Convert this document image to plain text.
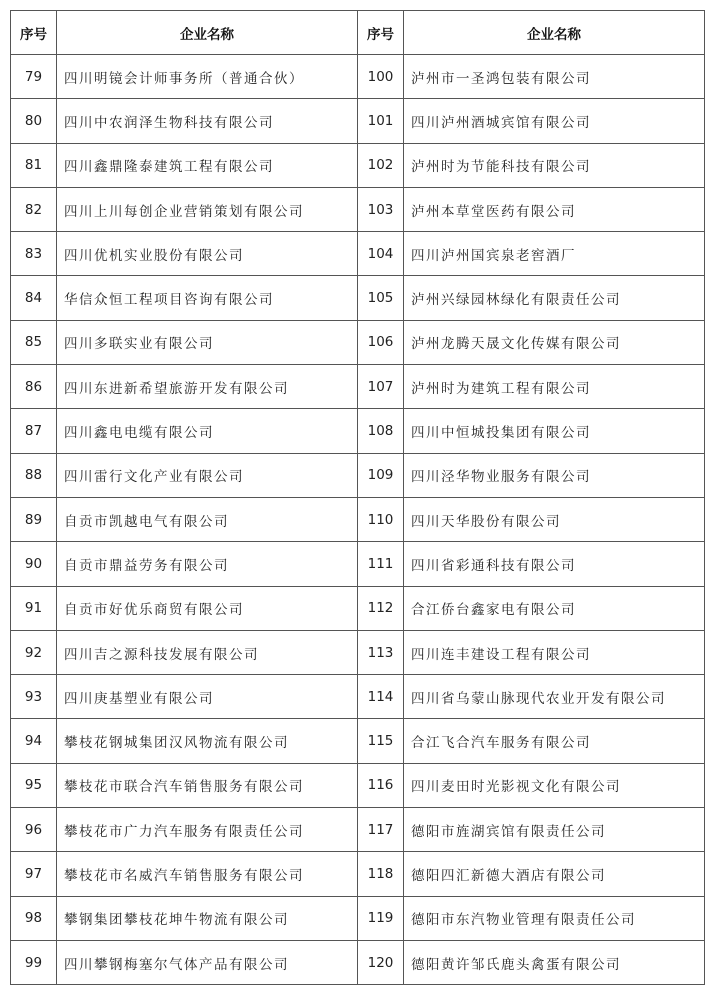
序号	企业名称	序号	企业名称
79	四川明镜会计师事务所（普通合伙）	100	泸州市一圣鸿包装有限公司
80	四川中农润泽生物科技有限公司	101	四川泸州酒城宾馆有限公司
81	四川鑫鼎隆泰建筑工程有限公司	102	泸州时为节能科技有限公司
82	四川上川每创企业营销策划有限公司	103	泸州本草堂医药有限公司
83	四川优机实业股份有限公司	104	四川泸州国宾泉老窖酒厂
84	华信众恒工程项目咨询有限公司	105	泸州兴绿园林绿化有限责任公司
85	四川多联实业有限公司	106	泸州龙腾天晟文化传媒有限公司
86	四川东进新希望旅游开发有限公司	107	泸州时为建筑工程有限公司
87	四川鑫电电缆有限公司	108	四川中恒城投集团有限公司
88	四川雷行文化产业有限公司	109	四川泾华物业服务有限公司
89	自贡市凯越电气有限公司	110	四川天华股份有限公司
90	自贡市鼎益劳务有限公司	111	四川省彩通科技有限公司
91	自贡市好优乐商贸有限公司	112	合江侨台鑫家电有限公司
92	四川吉之源科技发展有限公司	113	四川连丰建设工程有限公司
93	四川庚基塑业有限公司	114	四川省乌蒙山脉现代农业开发有限公司
94	攀枝花钢城集团汉风物流有限公司	115	合江飞合汽车服务有限公司
95	攀枝花市联合汽车销售服务有限公司	116	四川麦田时光影视文化有限公司
96	攀枝花市广力汽车服务有限责任公司	117	德阳市旌湖宾馆有限责任公司
97	攀枝花市名威汽车销售服务有限公司	118	德阳四汇新德大酒店有限公司
98	攀钢集团攀枝花坤牛物流有限公司	119	德阳市东汽物业管理有限责任公司
99	四川攀钢梅塞尔气体产品有限公司	120	德阳黄许邹氏鹿头禽蛋有限公司
